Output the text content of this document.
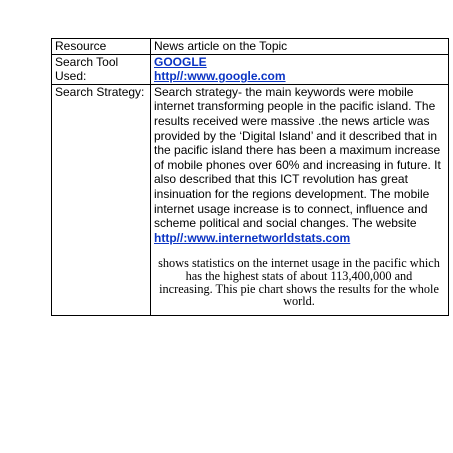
Resource	News article on the Topic
Search Tool Used:	GOOGLE
http//:www.google.com

Search Strategy:	Search strategy- the main keywords were mobile internet transforming people in the pacific island. The results received were massive .the news article was provided by the ‘Digital Island’ and it described that in the pacific island there has been a maximum increase of mobile phones over 60% and increasing in future. It also described that this ICT revolution has great insinuation for the regions development. The mobile internet usage increase is to connect, influence and scheme political and social changes. The website http//:www.internetworldstats.com
shows statistics on the internet usage in the pacific which has the highest stats of about 113,400,000 and increasing. This pie chart shows the results for the whole world.
